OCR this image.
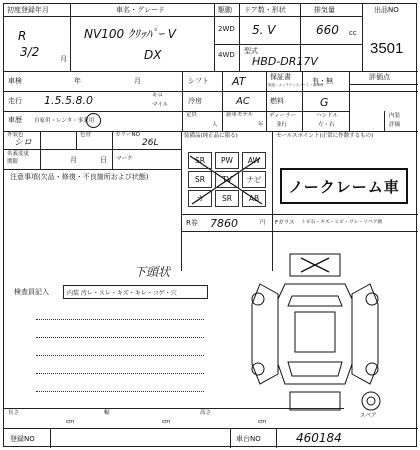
初度登録年月	車名・グレード	駆動 ドア数・形状	排気量	出品NO
3501
R
3/2	月
NV100 ｸﾘｯﾊﾟｰ V
DX
2WD
4WD
5. V	660 cc
型式
HBD-DR17V
車検	年	月	シフト AT	保証書
取説・メンテナンスノート・新車時
有・無	評価点
走行 1.5.5.8.0	キロ
マイル	冷房	AC	燃料	G
車歴 自家用・レンタ・事業用
定員
人
新車モデル
年
ディーラー
並行
ハンドル
左・右
内装
評価
外装色
シロ
色替	カラーNO
26L
名義変更
期限	月	日 マーク
注意事項(欠品・修復・不良箇所および状態)
装備品(純正品に限る)
R券 7860	円 Fガラス トビ石・キズ・ヒビ・ワレ・リペア跡
セールスポイント(正常に作動するもの)
ノークレーム車
下頭状
検査員記入	内装 汚レ・スレ・キズ・キレ・コゲ・穴
スペア
長さ
cm
幅
cm
高さ
cm
登録NO	車台NO	460184
SR	PW	AW
SR	TV	ナビ
カ	SR	AB
